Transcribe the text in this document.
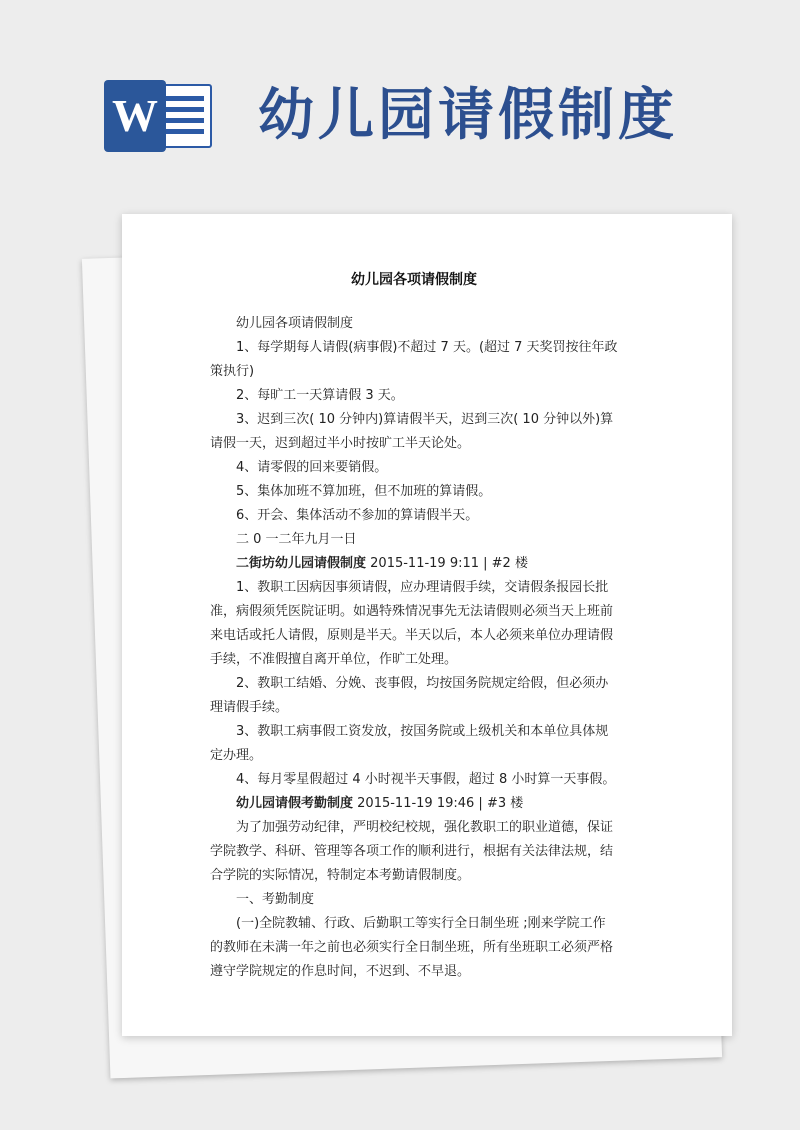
W 幼儿园请假制度
幼儿园各项请假制度

幼儿园各项请假制度

1、每学期每人请假(病事假)不超过 7 天。(超过 7 天奖罚按往年政策执行)

2、每旷工一天算请假 3 天。

3、迟到三次( 10 分钟内)算请假半天，迟到三次( 10 分钟以外)算请假一天，迟到超过半小时按旷工半天论处。

4、请零假的回来要销假。

5、集体加班不算加班，但不加班的算请假。

6、开会、集体活动不参加的算请假半天。

二 0 一二年九月一日

二街坊幼儿园请假制度 2015-11-19 9:11 | #2 楼

1、教职工因病因事须请假，应办理请假手续，交请假条报园长批准，病假须凭医院证明。如遇特殊情况事先无法请假则必须当天上班前来电话或托人请假，原则是半天。半天以后，本人必须来单位办理请假手续，不准假擅自离开单位，作旷工处理。

2、教职工结婚、分娩、丧事假，均按国务院规定给假，但必须办理请假手续。

3、教职工病事假工资发放，按国务院或上级机关和本单位具体规定办理。

4、每月零星假超过 4 小时视半天事假，超过 8 小时算一天事假。

幼儿园请假考勤制度 2015-11-19 19:46 | #3 楼

为了加强劳动纪律，严明校纪校规，强化教职工的职业道德，保证学院教学、科研、管理等各项工作的顺利进行，根据有关法律法规，结合学院的实际情况，特制定本考勤请假制度。

一、考勤制度

(一)全院教辅、行政、后勤职工等实行全日制坐班 ;刚来学院工作的教师在未满一年之前也必须实行全日制坐班，所有坐班职工必须严格遵守学院规定的作息时间，不迟到、不早退。
